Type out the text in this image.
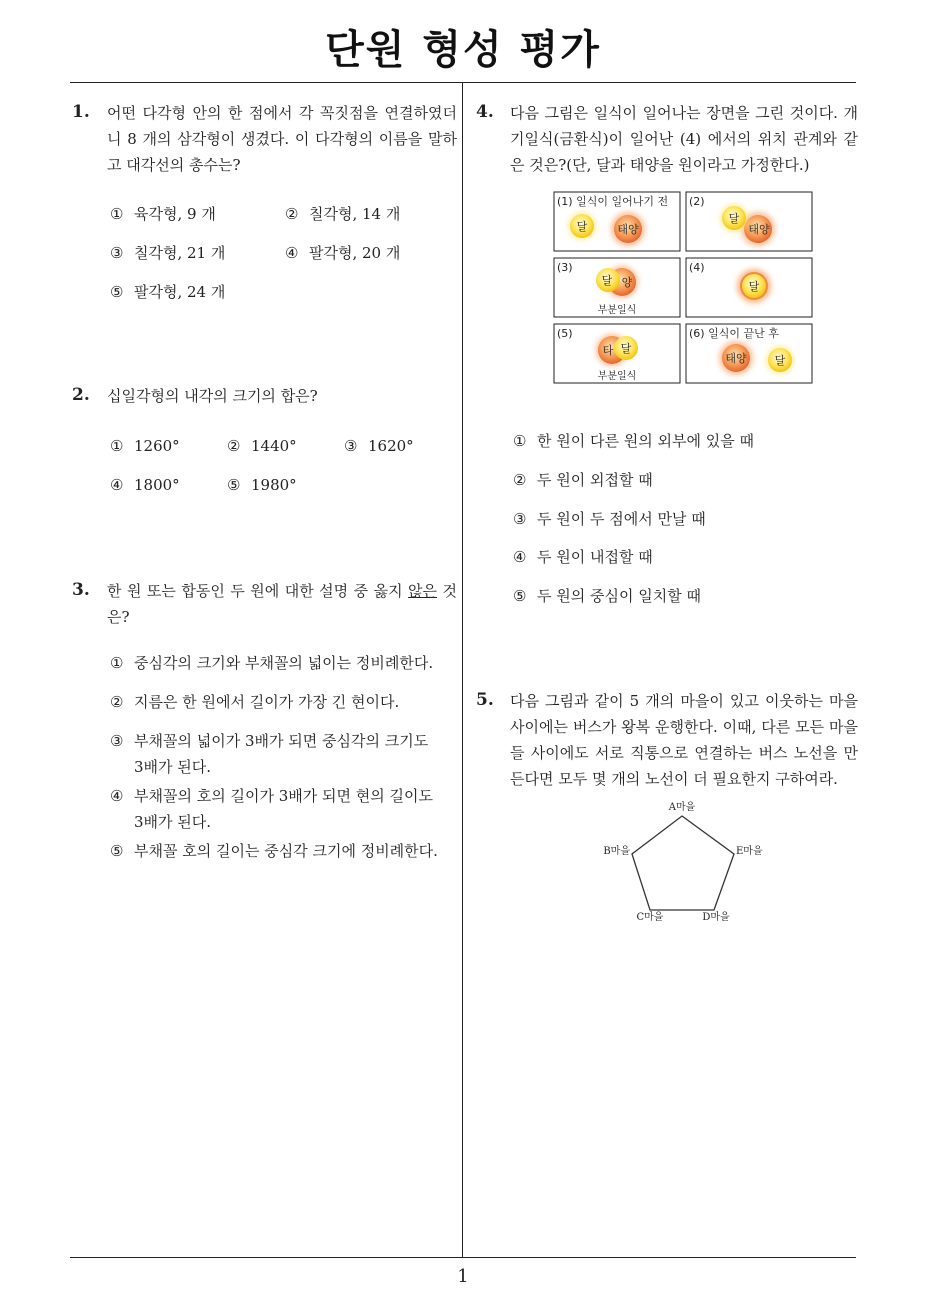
단원 형성 평가
1
1. 어떤 다각형 안의 한 점에서 각 꼭짓점을 연결하였더니 8 개의 삼각형이 생겼다. 이 다각형의 이름을 말하고 대각선의 총수는?
① 육각형, 9 개	② 칠각형, 14 개
③ 칠각형, 21 개	④ 팔각형, 20 개
⑤ 팔각형, 24 개
2. 십일각형의 내각의 크기의 합은?
① 1260°	② 1440°	③ 1620°
④ 1800°	⑤ 1980°
3. 한 원 또는 합동인 두 원에 대한 설명 중 옳지 않은 것은?
① 중심각의 크기와 부채꼴의 넓이는 정비례한다.
② 지름은 한 원에서 길이가 가장 긴 현이다.
③ 부채꼴의 넓이가 3배가 되면 중심각의 크기도 3배가 된다.
④ 부채꼴의 호의 길이가 3배가 되면 현의 길이도 3배가 된다.
⑤ 부채꼴 호의 길이는 중심각 크기에 정비례한다.
4. 다음 그림은 일식이 일어나는 장면을 그린 것이다. 개기일식(금환식)이 일어난 (4) 에서의 위치 관계와 같은 것은?(단, 달과 태양을 원이라고 가정한다.)
(1) 일식이 일어나기 전 (2)
(3)	(4)
(5)	(6) 일식이 끝난 후
태양
달	태양
달
양
달
부분일식
달
타 달
부분일식
태양	달
① 한 원이 다른 원의 외부에 있을 때
② 두 원이 외접할 때
③ 두 원이 두 점에서 만날 때
④ 두 원이 내접할 때
⑤ 두 원의 중심이 일치할 때
5. 다음 그림과 같이 5 개의 마을이 있고 이웃하는 마을 사이에는 버스가 왕복 운행한다. 이때, 다른 모든 마을들 사이에도 서로 직통으로 연결하는 버스 노선을 만든다면 모두 몇 개의 노선이 더 필요한지 구하여라.
A마을
B마을
C마을	D마을
E마을
